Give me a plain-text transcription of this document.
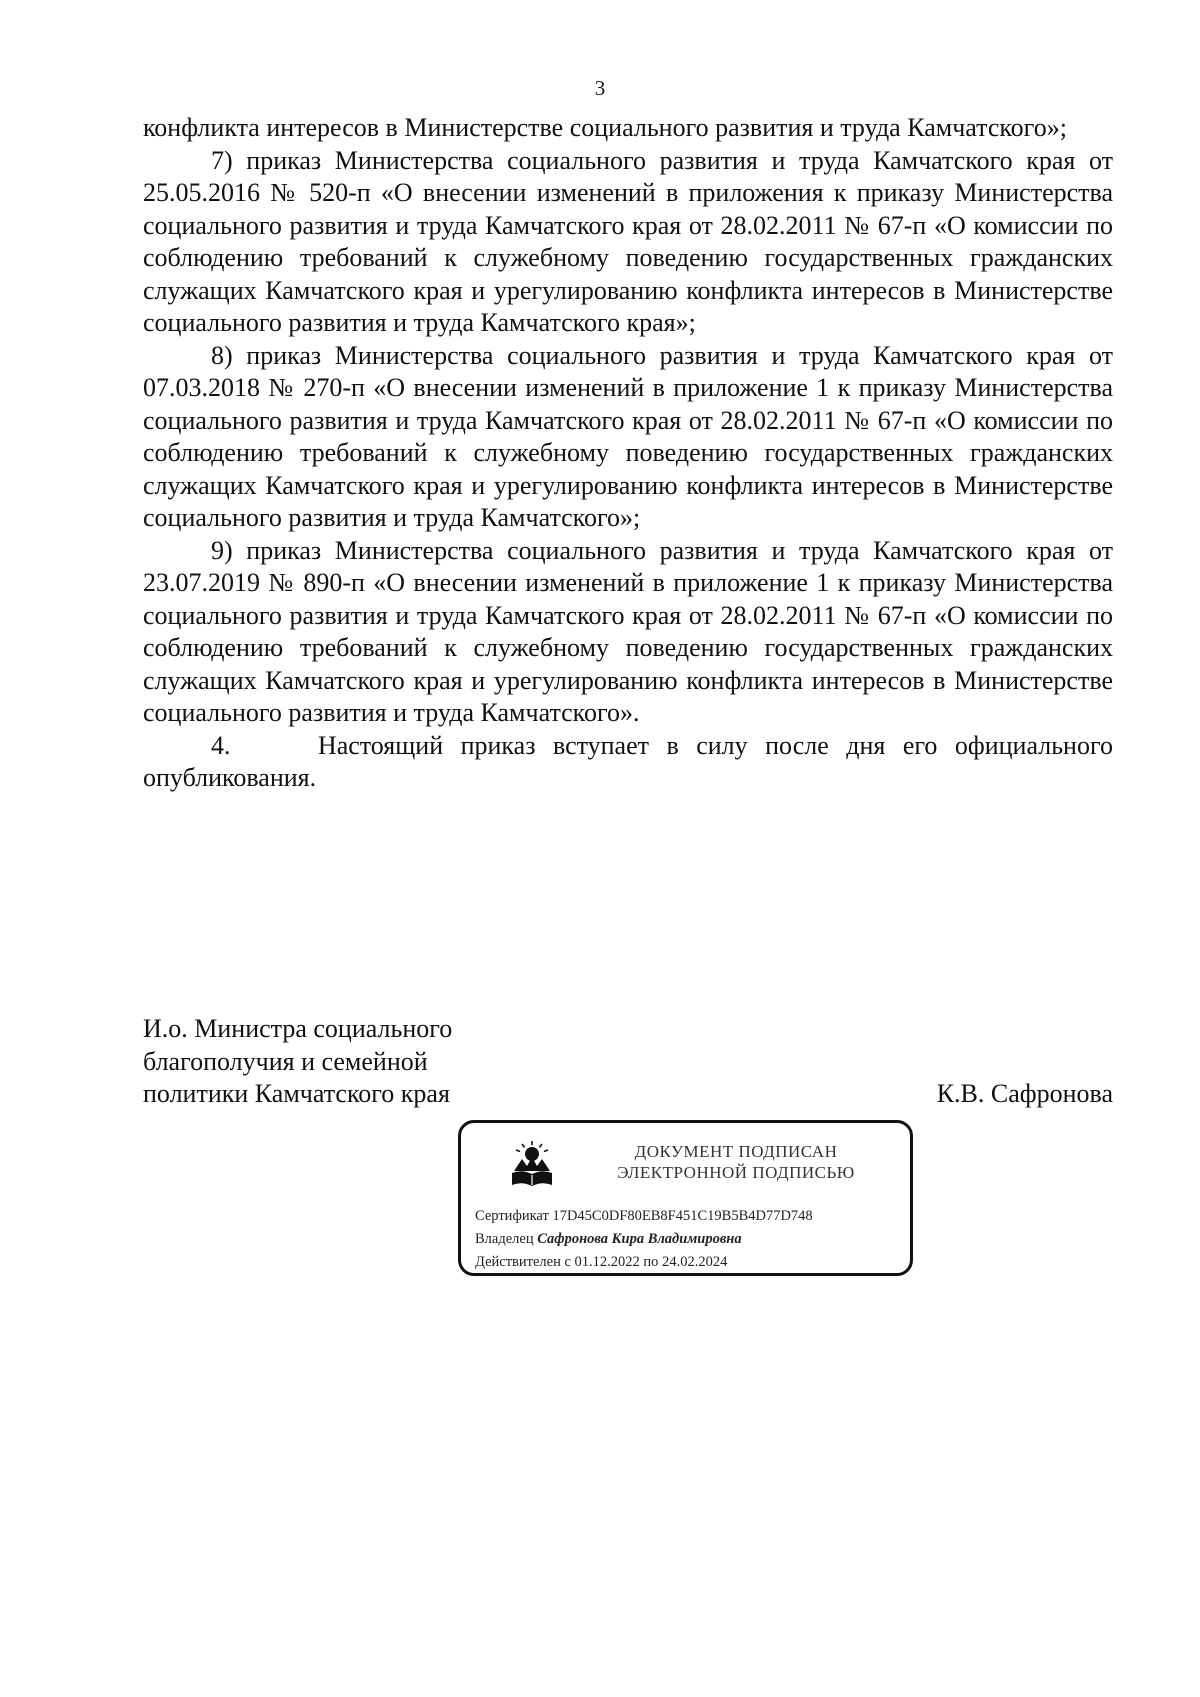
3

конфликта интересов в Министерстве социального развития и труда Камчатского»;

7) приказ Министерства социального развития и труда Камчатского края от 25.05.2016 № 520-п «О внесении изменений в приложения к приказу Министерства социального развития и труда Камчатского края от 28.02.2011 № 67-п «О комиссии по соблюдению требований к служебному поведению государственных гражданских служащих Камчатского края и урегулированию конфликта интересов в Министерстве социального развития и труда Камчатского края»;

8) приказ Министерства социального развития и труда Камчатского края от 07.03.2018 № 270-п «О внесении изменений в приложение 1 к приказу Министерства социального развития и труда Камчатского края от 28.02.2011 № 67-п «О комиссии по соблюдению требований к служебному поведению государственных гражданских служащих Камчатского края и урегулированию конфликта интересов в Министерстве социального развития и труда Камчатского»;

9) приказ Министерства социального развития и труда Камчатского края от 23.07.2019 № 890-п «О внесении изменений в приложение 1 к приказу Министерства социального развития и труда Камчатского края от 28.02.2011 № 67-п «О комиссии по соблюдению требований к служебному поведению государственных гражданских служащих Камчатского края и урегулированию конфликта интересов в Министерстве социального развития и труда Камчатского».

4.     Настоящий приказ вступает в силу после дня его официального опубликования.

И.о. Министра социального
благополучия и семейной
политики Камчатского края	К.В. Сафронова
ДОКУМЕНТ ПОДПИСАН
ЭЛЕКТРОННОЙ ПОДПИСЬЮ
Сертификат 17D45C0DF80EB8F451C19B5B4D77D748
Владелец Сафронова Кира Владимировна
Действителен с 01.12.2022 по 24.02.2024
